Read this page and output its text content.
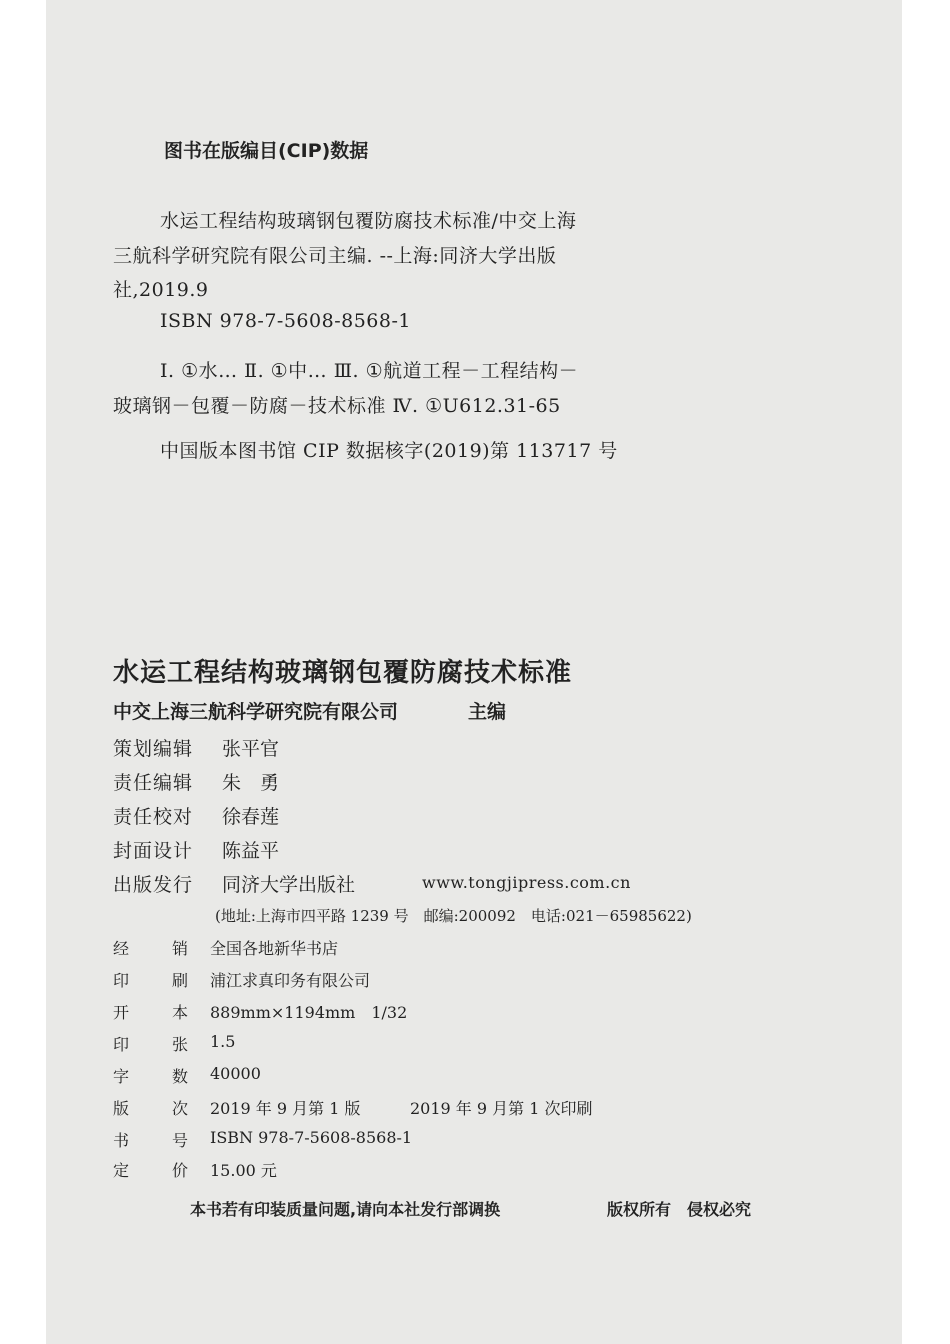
图书在版编目(CIP)数据
水运工程结构玻璃钢包覆防腐技术标准/中交上海
三航科学研究院有限公司主编. --上海:同济大学出版
社,2019.9
ISBN 978-7-5608-8568-1
Ⅰ. ①水… Ⅱ. ①中… Ⅲ. ①航道工程－工程结构－
玻璃钢－包覆－防腐－技术标准 Ⅳ. ①U612.31-65
中国版本图书馆 CIP 数据核字(2019)第 113717 号
水运工程结构玻璃钢包覆防腐技术标准
中交上海三航科学研究院有限公司	主编
策划编辑 张平官
责任编辑 朱　勇
责任校对 徐春莲
封面设计 陈益平
出版发行 同济大学出版社	www.tongjipress.com.cn
(地址:上海市四平路 1239 号　邮编:200092　电话:021－65985622)
经	销 全国各地新华书店
印	刷 浦江求真印务有限公司
开	本 889mm×1194mm　1/32
印	张 1.5
字	数 40000
版	次 2019 年 9 月第 1 版	2019 年 9 月第 1 次印刷
书	号 ISBN 978-7-5608-8568-1
定	价 15.00 元
本书若有印装质量问题,请向本社发行部调换	版权所有　侵权必究
